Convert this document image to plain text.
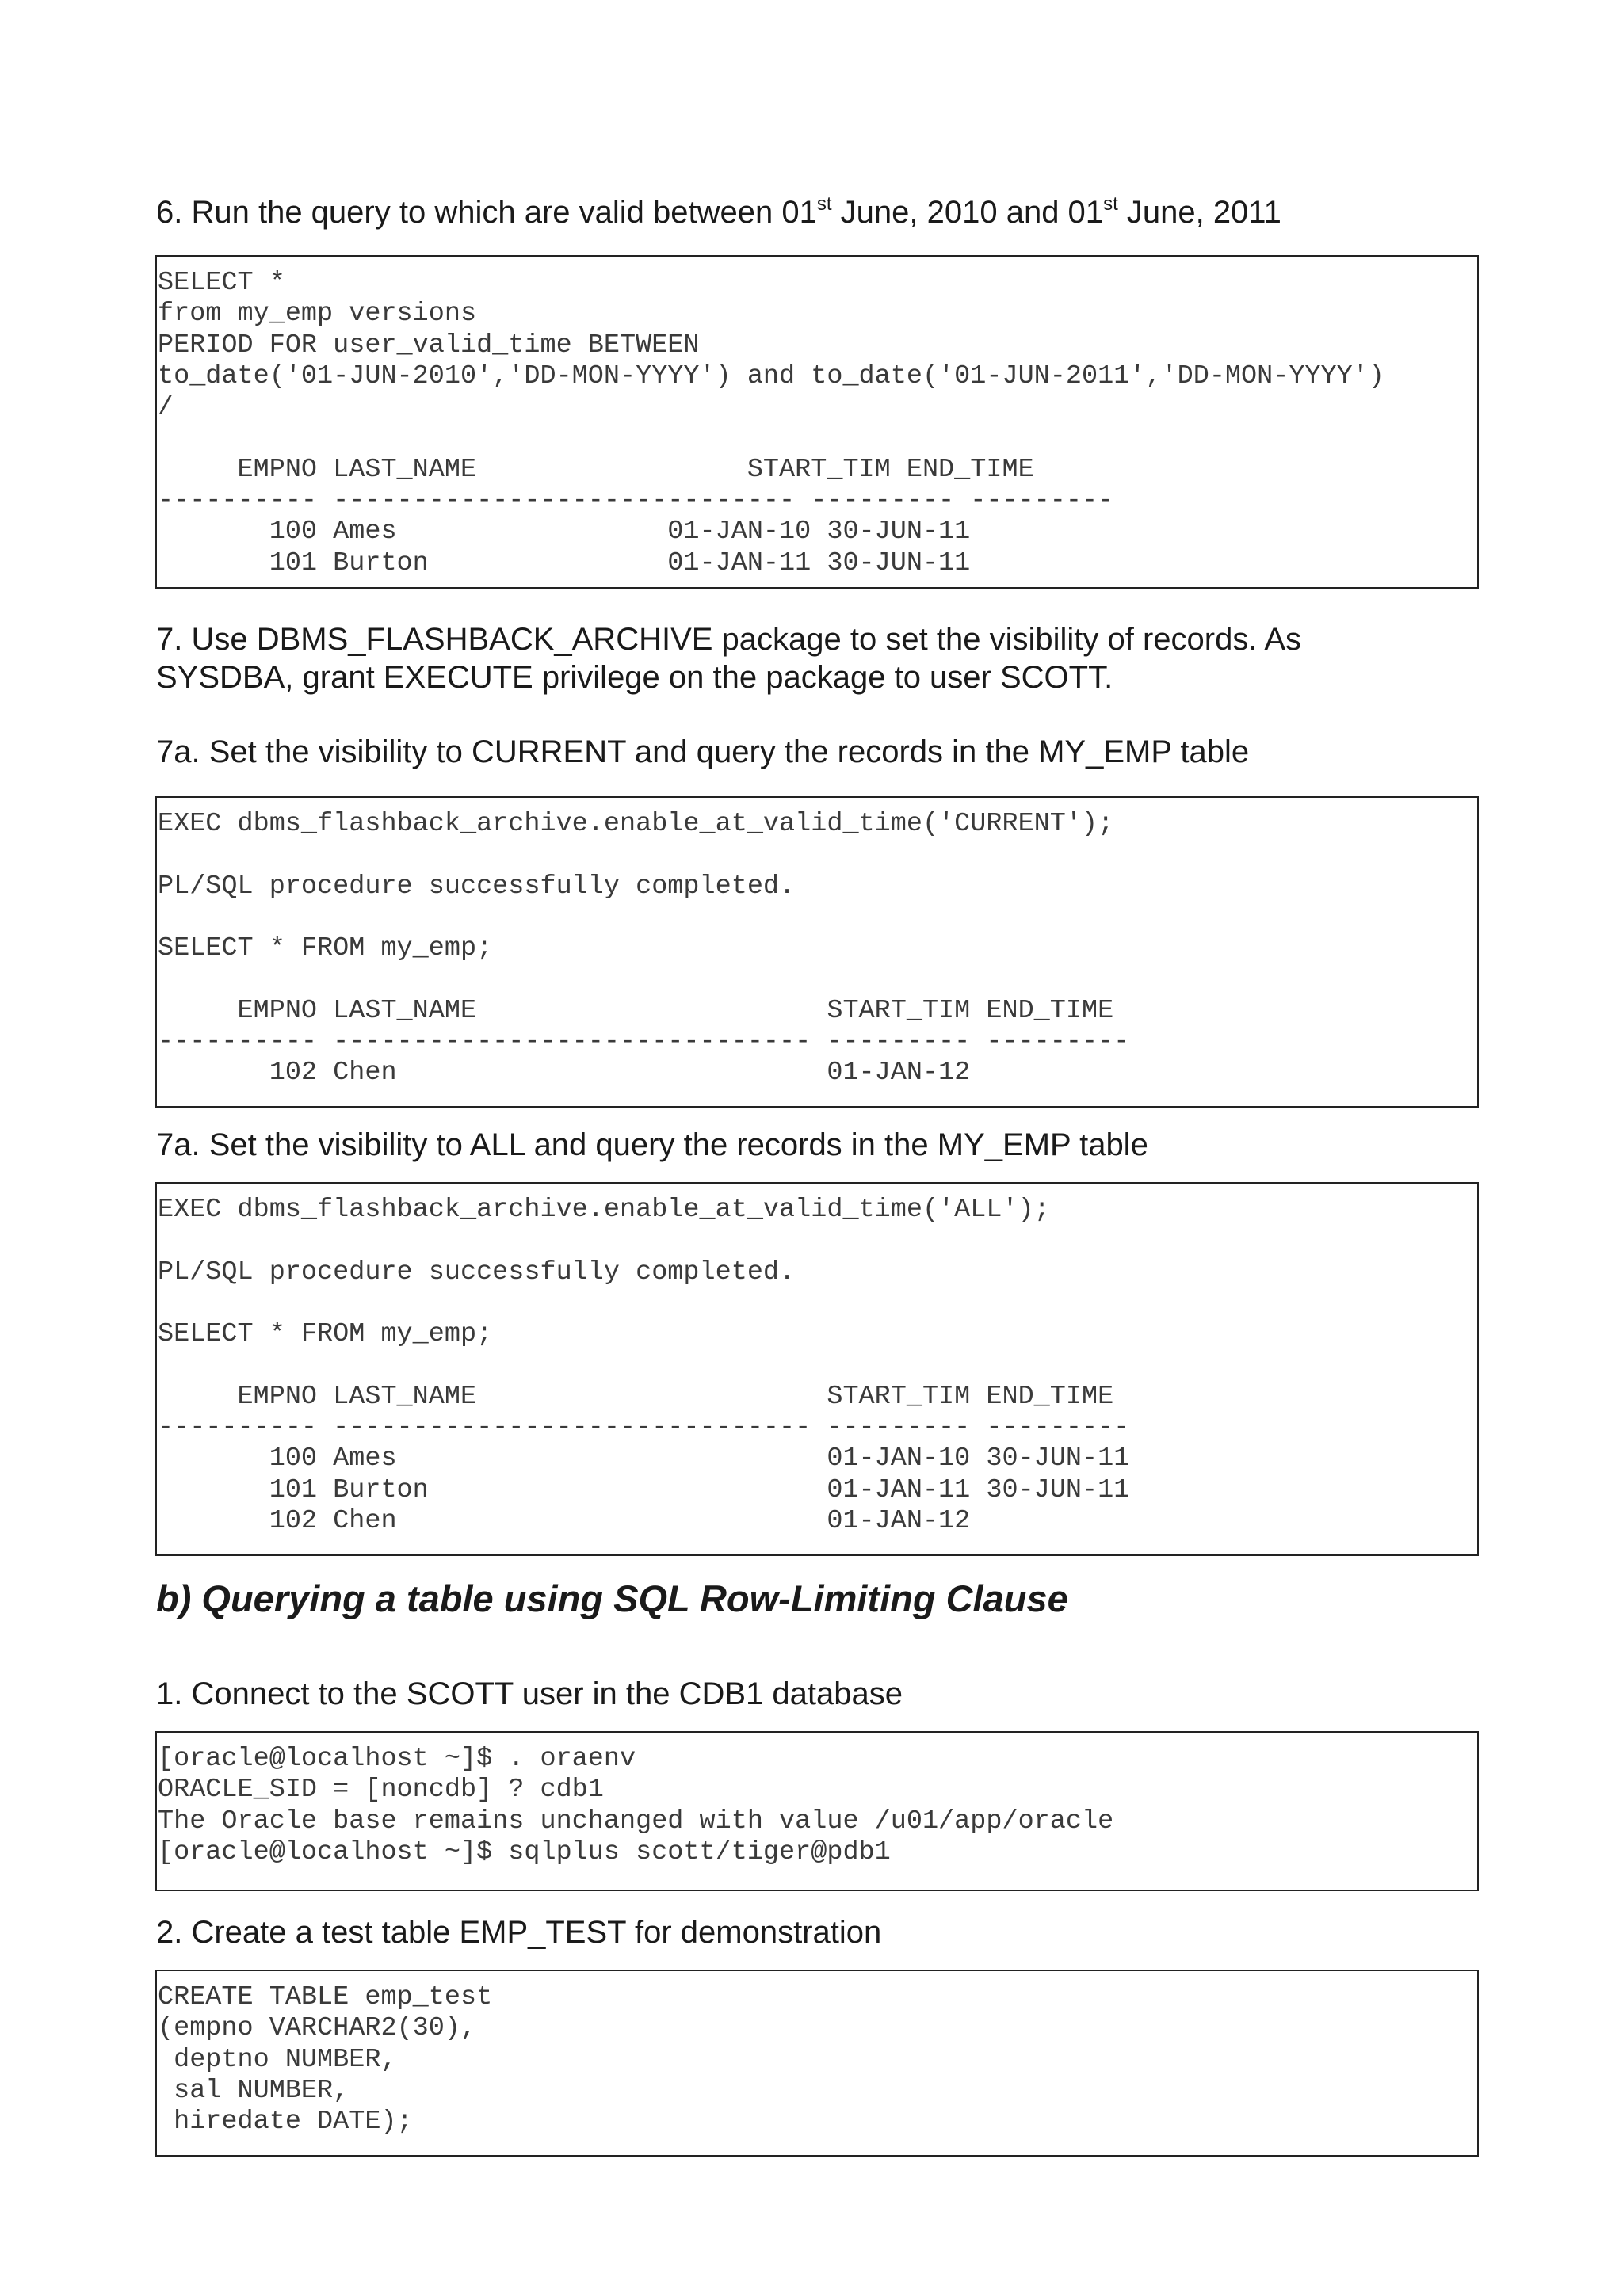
6. Run the query to which are valid between 01st June, 2010 and 01st June, 2011

SELECT *
from my_emp versions
PERIOD FOR user_valid_time BETWEEN
to_date('01-JUN-2010','DD-MON-YYYY') and to_date('01-JUN-2011','DD-MON-YYYY')
/

EMPNO LAST_NAME                 START_TIM END_TIME
---------- ----------------------------- --------- ---------
100 Ames                 01-JAN-10 30-JUN-11
101 Burton               01-JAN-11 30-JUN-11

7. Use DBMS_FLASHBACK_ARCHIVE package to set the visibility of records. As
SYSDBA, grant EXECUTE privilege on the package to user SCOTT.

7a. Set the visibility to CURRENT and query the records in the MY_EMP table

EXEC dbms_flashback_archive.enable_at_valid_time('CURRENT');

PL/SQL procedure successfully completed.

SELECT * FROM my_emp;

EMPNO LAST_NAME                      START_TIM END_TIME
---------- ------------------------------ --------- ---------
102 Chen                           01-JAN-12

7a. Set the visibility to ALL and query the records in the MY_EMP table

EXEC dbms_flashback_archive.enable_at_valid_time('ALL');

PL/SQL procedure successfully completed.

SELECT * FROM my_emp;

EMPNO LAST_NAME                      START_TIM END_TIME
---------- ------------------------------ --------- ---------
100 Ames                           01-JAN-10 30-JUN-11
101 Burton                         01-JAN-11 30-JUN-11
102 Chen                           01-JAN-12
b) Querying a table using SQL Row-Limiting Clause

1. Connect to the SCOTT user in the CDB1 database

[oracle@localhost ~]$ . oraenv
ORACLE_SID = [noncdb] ? cdb1
The Oracle base remains unchanged with value /u01/app/oracle
[oracle@localhost ~]$ sqlplus scott/tiger@pdb1

2. Create a test table EMP_TEST for demonstration

CREATE TABLE emp_test
(empno VARCHAR2(30),
deptno NUMBER,
sal NUMBER,
hiredate DATE);
